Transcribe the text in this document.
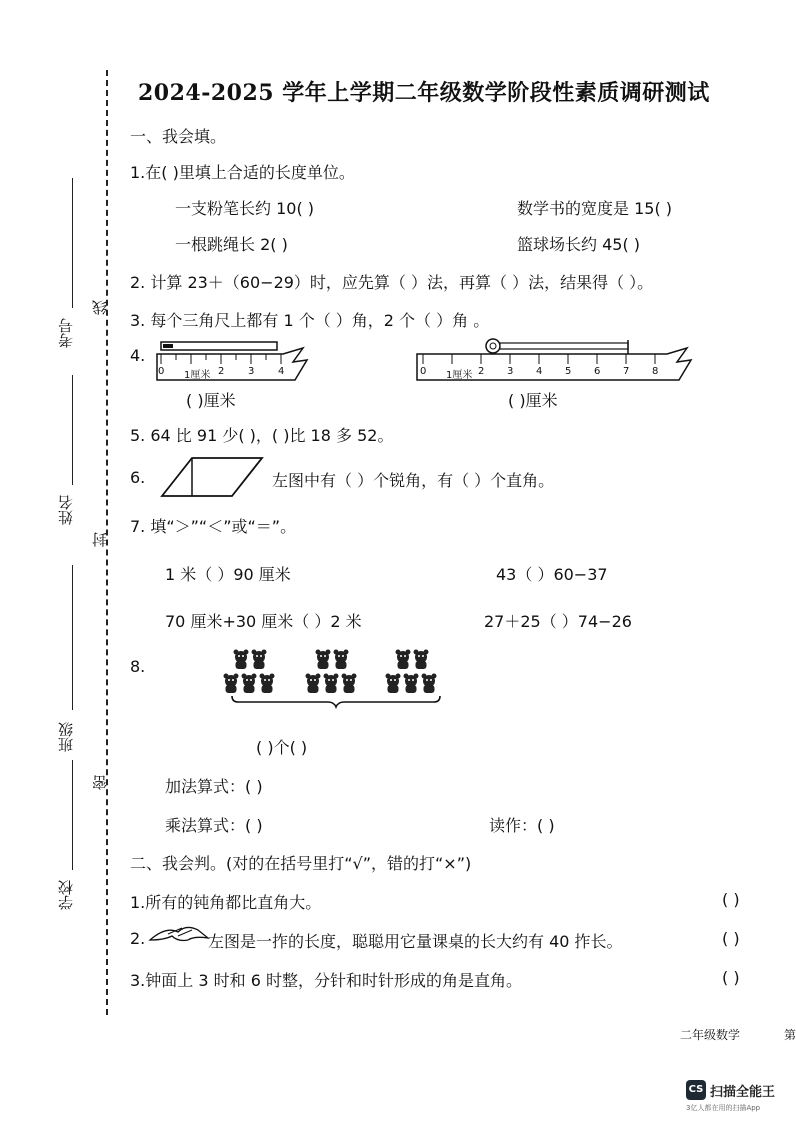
考号
线
姓名
封
班级
密
学校
2024-2025 学年上学期二年级数学阶段性素质调研测试
一、我会填。
1.在( )里填上合适的长度单位。
一支粉笔长约 10( )	数学书的宽度是 15( )
一根跳绳长 2( )	篮球场长约 45( )
2. 计算 23＋（60−29）时，应先算（ ）法，再算（ ）法，结果得（ ）。
3. 每个三角尺上都有 1 个（ ）角，2 个（ ）角 。
4.
0 1厘米 2 3 4	0 1厘米 2 3 4 5 6 7 8
( )厘米	( )厘米
5. 64 比 91 少( )，( )比 18 多 52。
6.	左图中有（ ）个锐角，有（ ）个直角。
7. 填“＞”“＜”或“＝”。
1 米（ ）90 厘米	43（ ）60−37
70 厘米+30 厘米（ ）2 米	27＋25（ ）74−26
8.
( )个( )
加法算式：( )
乘法算式：( )	读作：( )
二、我会判。(对的在括号里打“√”，错的打“×”)
1.所有的钝角都比直角大。	( )
2.	左图是一拃的长度，聪聪用它量课桌的长大约有 40 拃长。	( )
3.钟面上 3 时和 6 时整，分针和时针形成的角是直角。	( )
二年级数学	第
CS 扫描全能王
3亿人都在用的扫描App
